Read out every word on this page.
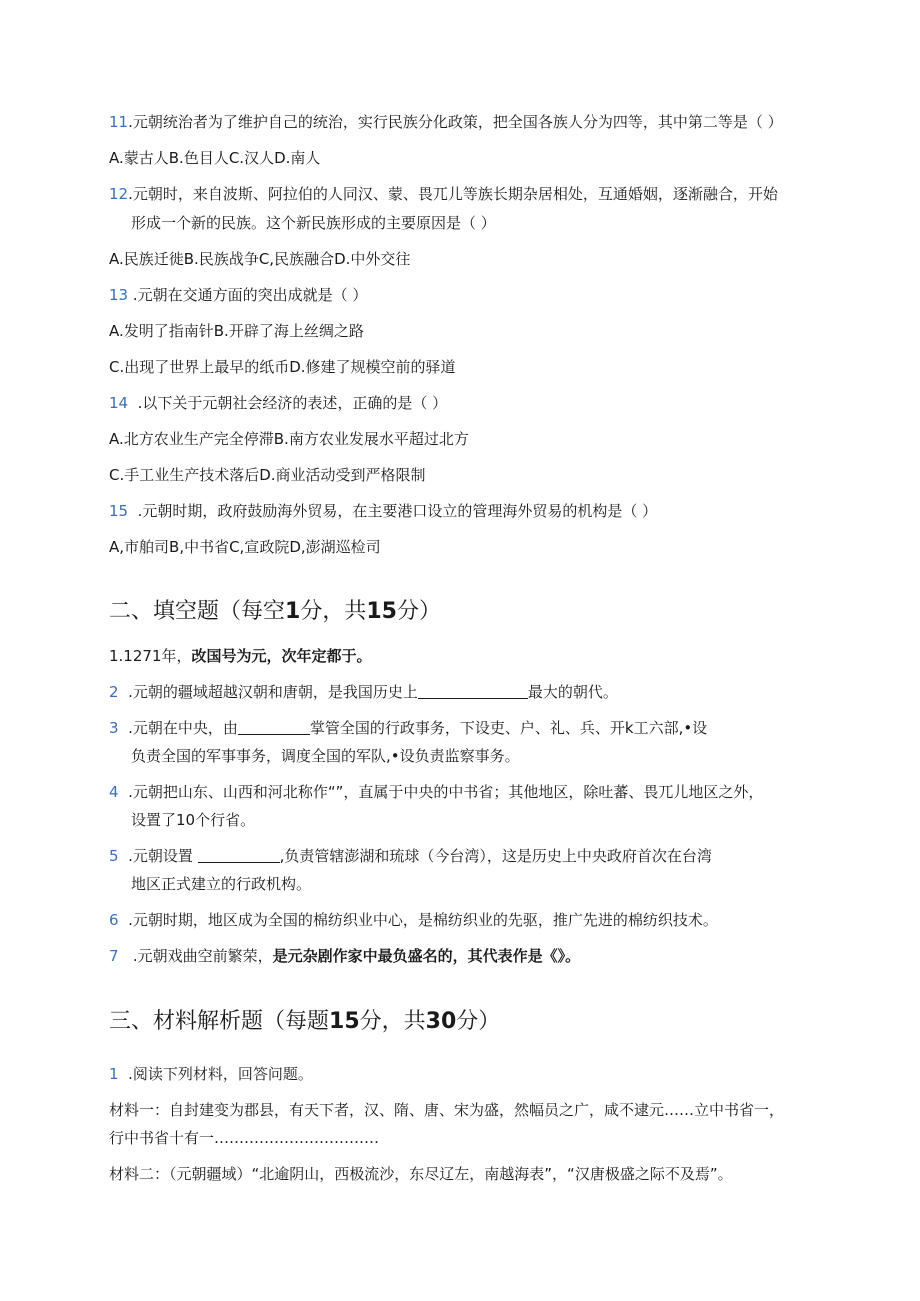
11.元朝统治者为了维护自己的统治，实行民族分化政策，把全国各族人分为四等，其中第二等是（ ）
A.蒙古人B.色目人C.汉人D.南人
12.元朝时，来自波斯、阿拉伯的人同汉、蒙、畏兀儿等族长期杂居相处，互通婚姻，逐渐融合，开始
形成一个新的民族。这个新民族形成的主要原因是（ ）
A.民族迁徙B.民族战争C,民族融合D.中外交往
13 .元朝在交通方面的突出成就是（ ）
A.发明了指南针B.开辟了海上丝绸之路
C.出现了世界上最早的纸币D.修建了规模空前的驿道
14 .以下关于元朝社会经济的表述，正确的是（ ）
A.北方农业生产完全停滞B.南方农业发展水平超过北方
C.手工业生产技术落后D.商业活动受到严格限制
15 .元朝时期，政府鼓励海外贸易，在主要港口设立的管理海外贸易的机构是（ ）
A,市舶司B,中书省C,宣政院D,澎湖巡检司
二、填空题（每空1分，共15分）
1.1271年，改国号为元，次年定都于。
2 .元朝的疆域超越汉朝和唐朝，是我国历史上	最大的朝代。
3 .元朝在中央，由	掌管全国的行政事务，下设吏、户、礼、兵、开k工六部,•设
负责全国的军事事务，调度全国的军队,•设负责监察事务。
4 .元朝把山东、山西和河北称作“”，直属于中央的中书省；其他地区，除吐蕃、畏兀儿地区之外，
设置了10个行省。
5 .元朝设置	,负责管辖澎湖和琉球（今台湾），这是历史上中央政府首次在台湾
地区正式建立的行政机构。
6 .元朝时期，地区成为全国的棉纺织业中心，是棉纺织业的先驱，推广先进的棉纺织技术。
7 .元朝戏曲空前繁荣，是元杂剧作家中最负盛名的，其代表作是《》。
三、材料解析题（每题15分，共30分）
1 .阅读下列材料，回答问题。
材料一：自封建变为郡县，有天下者，汉、隋、唐、宋为盛，然幅员之广，咸不逮元……立中书省一，
行中书省十有一……………………………
材料二：（元朝疆域）“北逾阴山，西极流沙，东尽辽左，南越海表”，“汉唐极盛之际不及焉”。
